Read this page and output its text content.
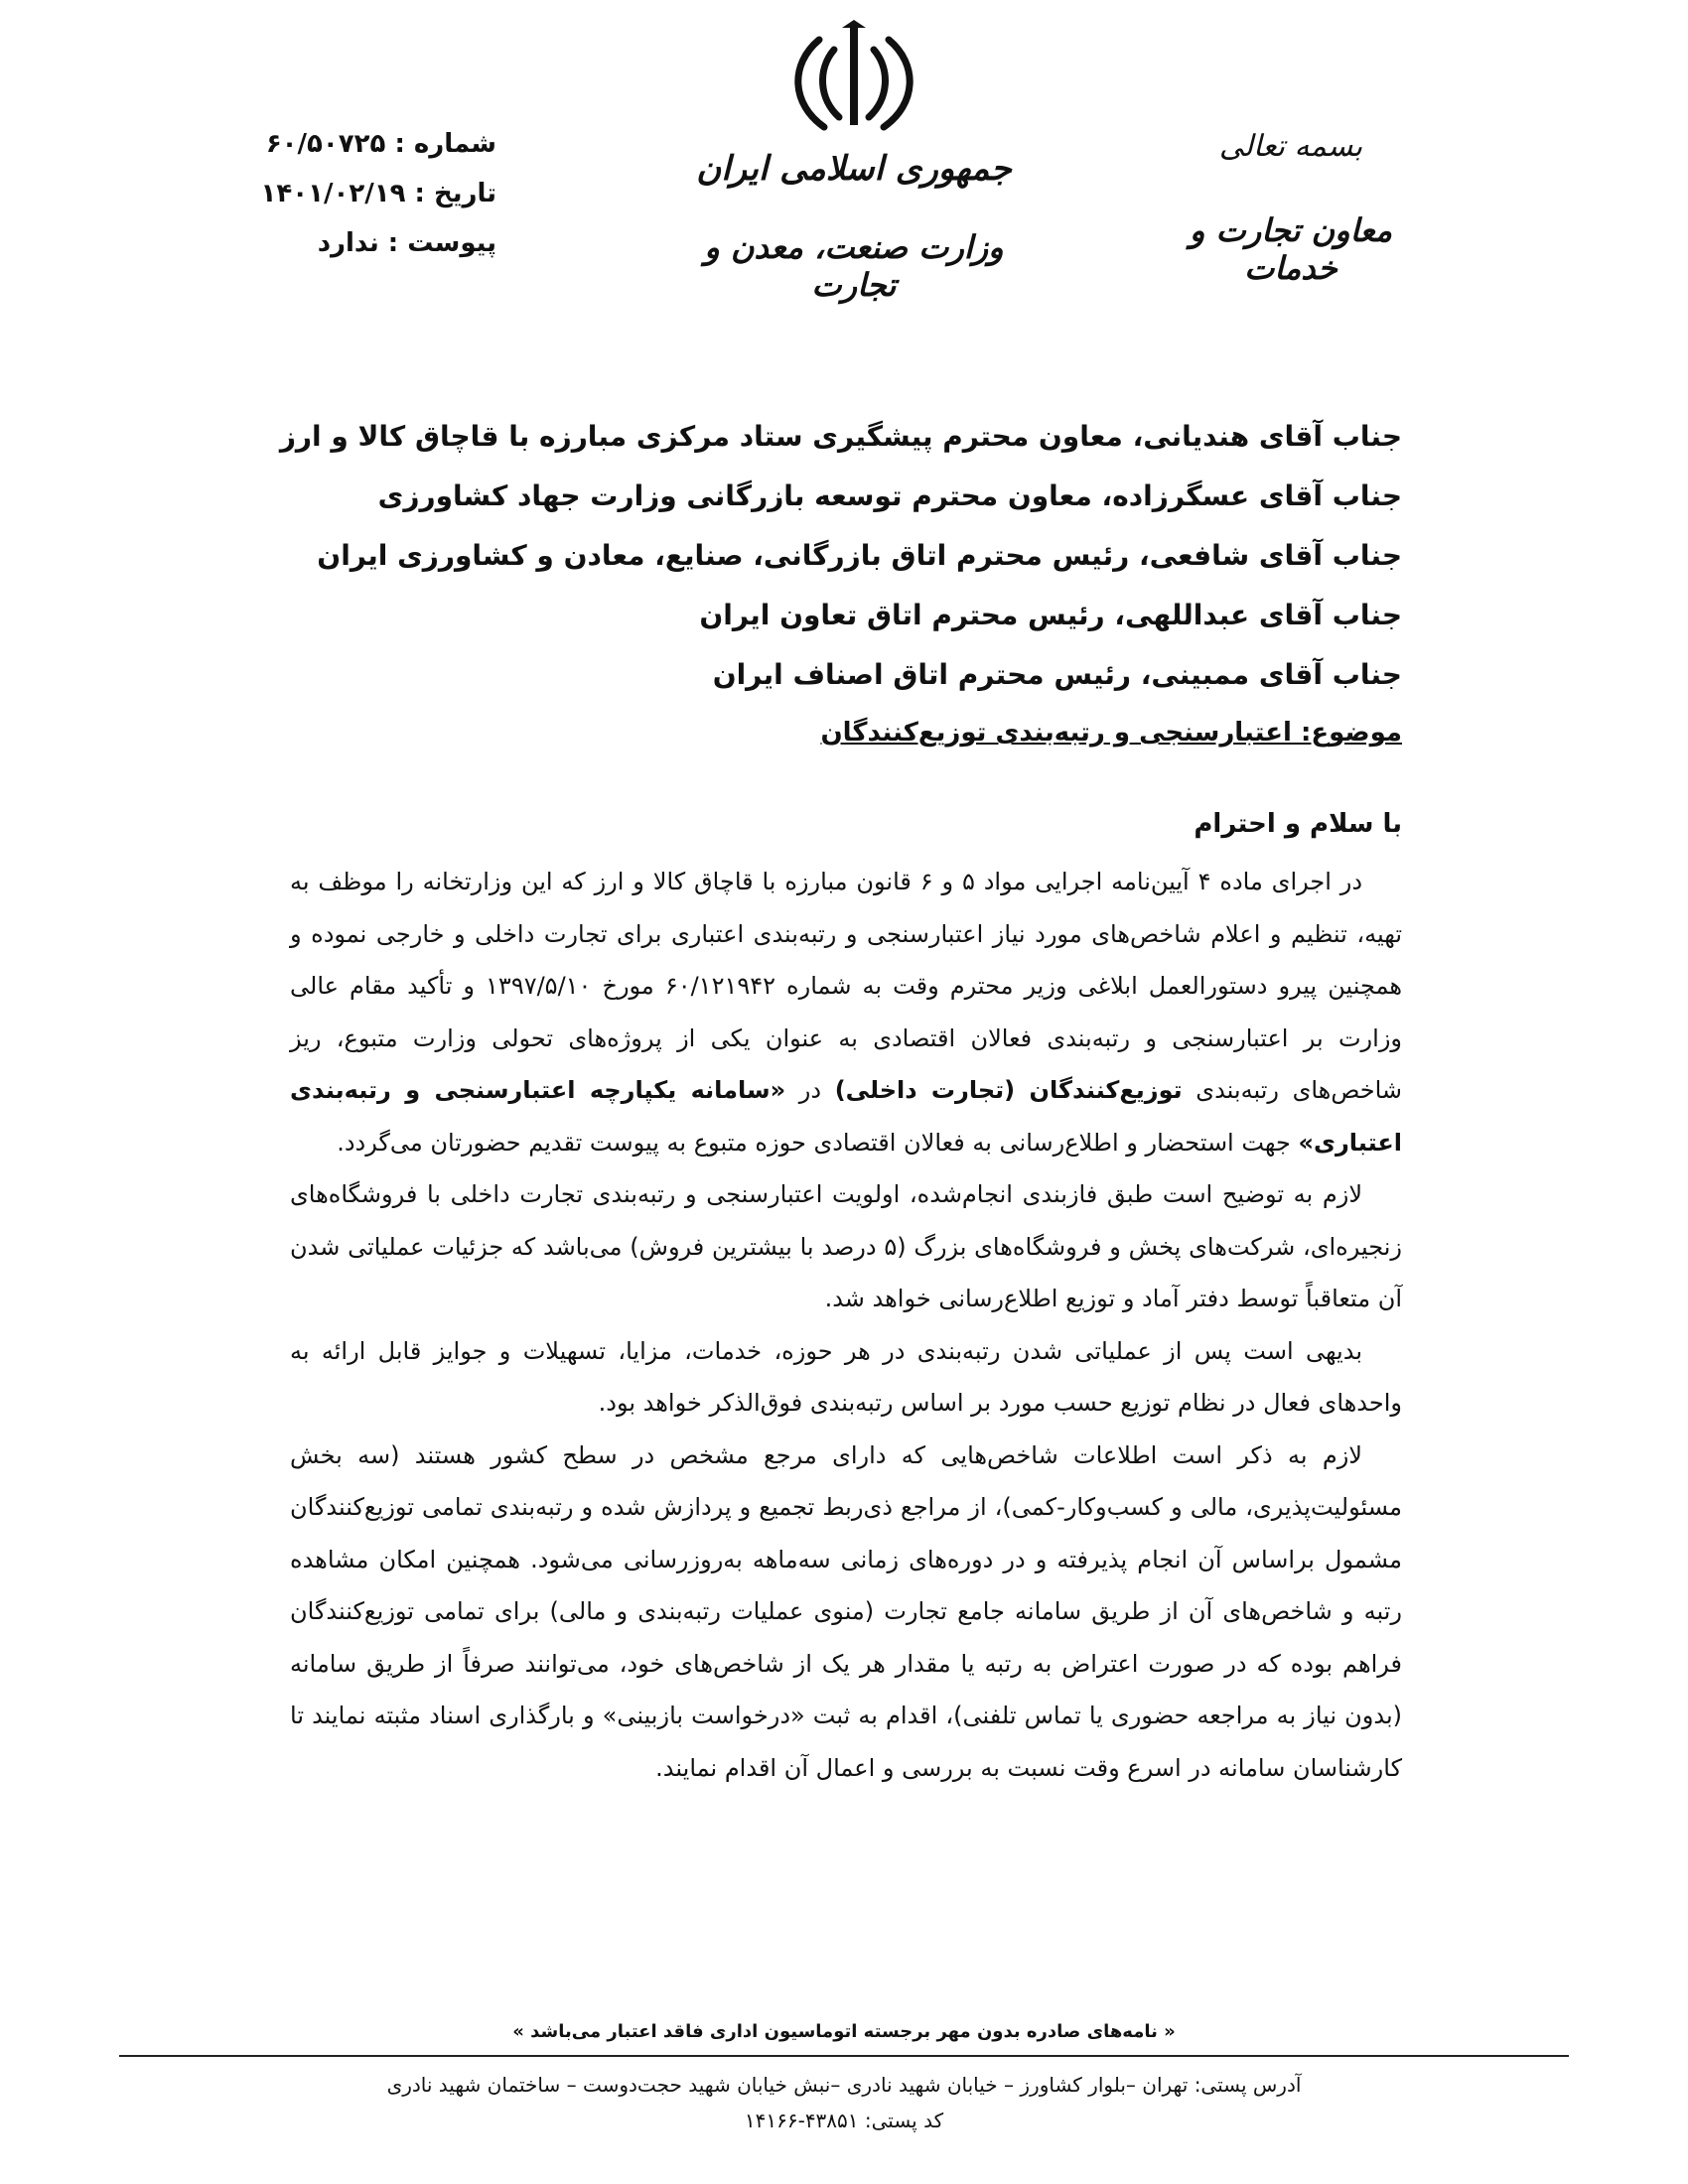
بسمه تعالی
معاون تجارت و خدمات
جمهوری اسلامی ایران
وزارت صنعت، معدن و تجارت
شماره : ۶۰/۵۰۷۲۵
تاریخ : ۱۴۰۱/۰۲/۱۹
پیوست : ندارد
جناب آقای هندیانی، معاون محترم پیشگیری ستاد مرکزی مبارزه با قاچاق کالا و ارز
جناب آقای عسگرزاده، معاون محترم توسعه بازرگانی وزارت جهاد کشاورزی
جناب آقای شافعی، رئیس محترم اتاق بازرگانی، صنایع، معادن و کشاورزی ایران
جناب آقای عبداللهی، رئیس محترم اتاق تعاون ایران
جناب آقای ممبینی، رئیس محترم اتاق اصناف ایران
موضوع: اعتبارسنجی و رتبه‌بندی توزیع‌کنندگان
با سلام و احترام

در اجرای ماده ۴ آیین‌نامه اجرایی مواد ۵ و ۶ قانون مبارزه با قاچاق کالا و ارز که این وزارتخانه را موظف به تهیه، تنظیم و اعلام شاخص‌های مورد نیاز اعتبارسنجی و رتبه‌بندی اعتباری برای تجارت داخلی و خارجی نموده و همچنین پیرو دستورالعمل ابلاغی وزیر محترم وقت به شماره ۶۰/۱۲۱۹۴۲ مورخ ۱۳۹۷/۵/۱۰ و تأکید مقام عالی وزارت بر اعتبارسنجی و رتبه‌بندی فعالان اقتصادی به عنوان یکی از پروژه‌های تحولی وزارت متبوع، ریز شاخص‌های رتبه‌بندی توزیع‌کنندگان (تجارت داخلی) در «سامانه یکپارچه اعتبارسنجی و رتبه‌بندی اعتباری» جهت استحضار و اطلاع‌رسانی به فعالان اقتصادی حوزه متبوع به پیوست تقدیم حضورتان می‌گردد.

لازم به توضیح است طبق فازبندی انجام‌شده، اولویت اعتبارسنجی و رتبه‌بندی تجارت داخلی با فروشگاه‌های زنجیره‌ای، شرکت‌های پخش و فروشگاه‌های بزرگ (۵ درصد با بیشترین فروش) می‌باشد که جزئیات عملیاتی شدن آن متعاقباً توسط دفتر آماد و توزیع اطلاع‌رسانی خواهد شد.

بدیهی است پس از عملیاتی شدن رتبه‌بندی در هر حوزه، خدمات، مزایا، تسهیلات و جوایز قابل ارائه به واحدهای فعال در نظام توزیع حسب مورد بر اساس رتبه‌بندی فوق‌الذکر خواهد بود.

لازم به ذکر است اطلاعات شاخص‌هایی که دارای مرجع مشخص در سطح کشور هستند (سه بخش مسئولیت‌پذیری، مالی و کسب‌وکار-کمی)، از مراجع ذی‌ربط تجمیع و پردازش شده و رتبه‌بندی تمامی توزیع‌کنندگان مشمول براساس آن انجام پذیرفته و در دوره‌های زمانی سه‌ماهه به‌روزرسانی می‌شود. همچنین امکان مشاهده رتبه و شاخص‌های آن از طریق سامانه جامع تجارت (منوی عملیات رتبه‌بندی و مالی) برای تمامی توزیع‌کنندگان فراهم بوده که در صورت اعتراض به رتبه یا مقدار هر یک از شاخص‌های خود، می‌توانند صرفاً از طریق سامانه (بدون نیاز به مراجعه حضوری یا تماس تلفنی)، اقدام به ثبت «درخواست بازبینی» و بارگذاری اسناد مثبته نمایند تا کارشناسان سامانه در اسرع وقت نسبت به بررسی و اعمال آن اقدام نمایند.

« نامه‌های صادره بدون مهر برجسته اتوماسیون اداری فاقد اعتبار می‌باشد »
آدرس پستی: تهران –بلوار کشاورز – خیابان شهید نادری –نبش خیابان شهید حجت‌دوست – ساختمان شهید نادری
کد پستی: ۴۳۸۵۱-۱۴۱۶۶
